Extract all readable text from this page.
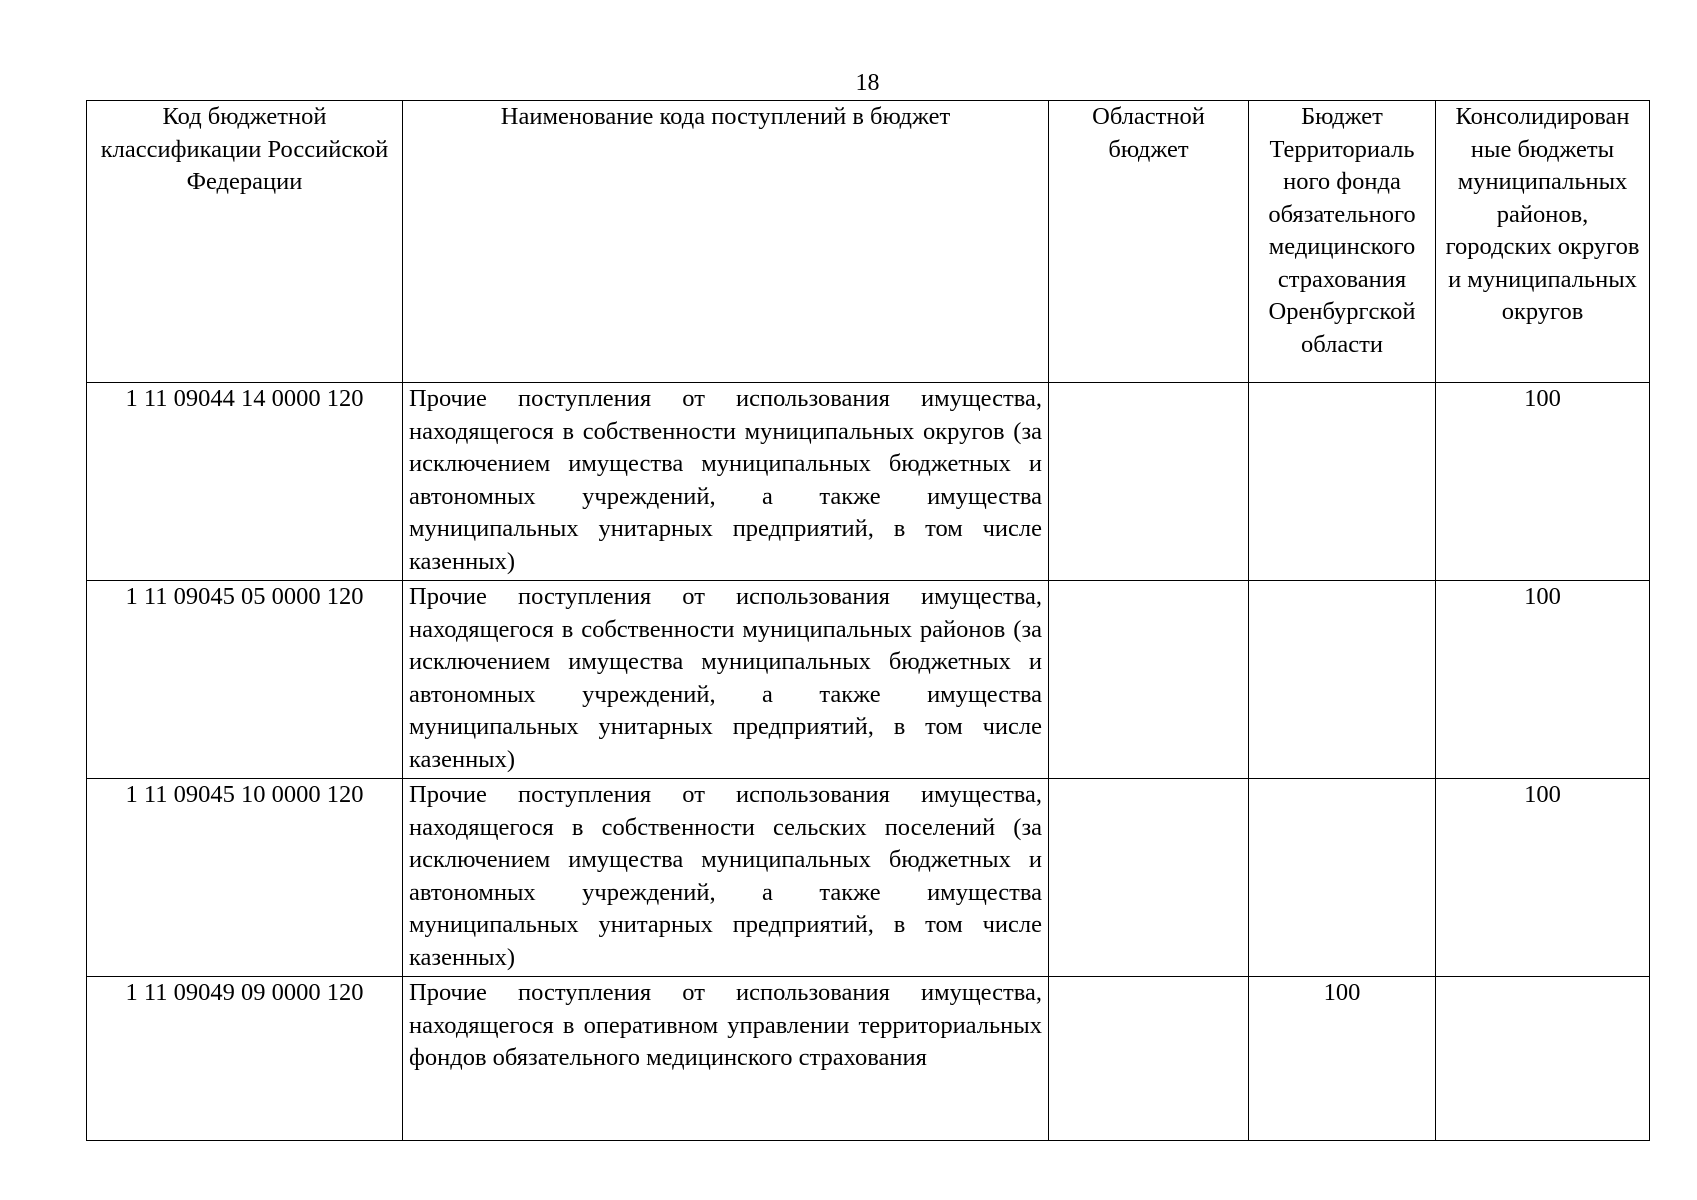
18
Код бюджетной классификации Российской Федерации	Наименование кода поступлений в бюджет	Областной бюджет	Бюджет Территориаль ного фонда обязательного медицинского страхования Оренбургской области	Консолидирован ные бюджеты муниципальных районов, городских округов и муниципальных округов
1 11 09044 14 0000 120	Прочие поступления от использования имущества, находящегося в собственности муниципальных округов (за исключением имущества муниципальных бюджетных и автономных учреждений, а также имущества муниципальных унитарных предприятий, в том числе казенных)			100
1 11 09045 05 0000 120	Прочие поступления от использования имущества, находящегося в собственности муниципальных районов (за исключением имущества муниципальных бюджетных и автономных учреждений, а также имущества муниципальных унитарных предприятий, в том числе казенных)			100
1 11 09045 10 0000 120	Прочие поступления от использования имущества, находящегося в собственности сельских поселений (за исключением имущества муниципальных бюджетных и автономных учреждений, а также имущества муниципальных унитарных предприятий, в том числе казенных)			100
1 11 09049 09 0000 120	Прочие поступления от использования имущества, находящегося в оперативном управлении территориальных фондов обязательного медицинского страхования		100	
